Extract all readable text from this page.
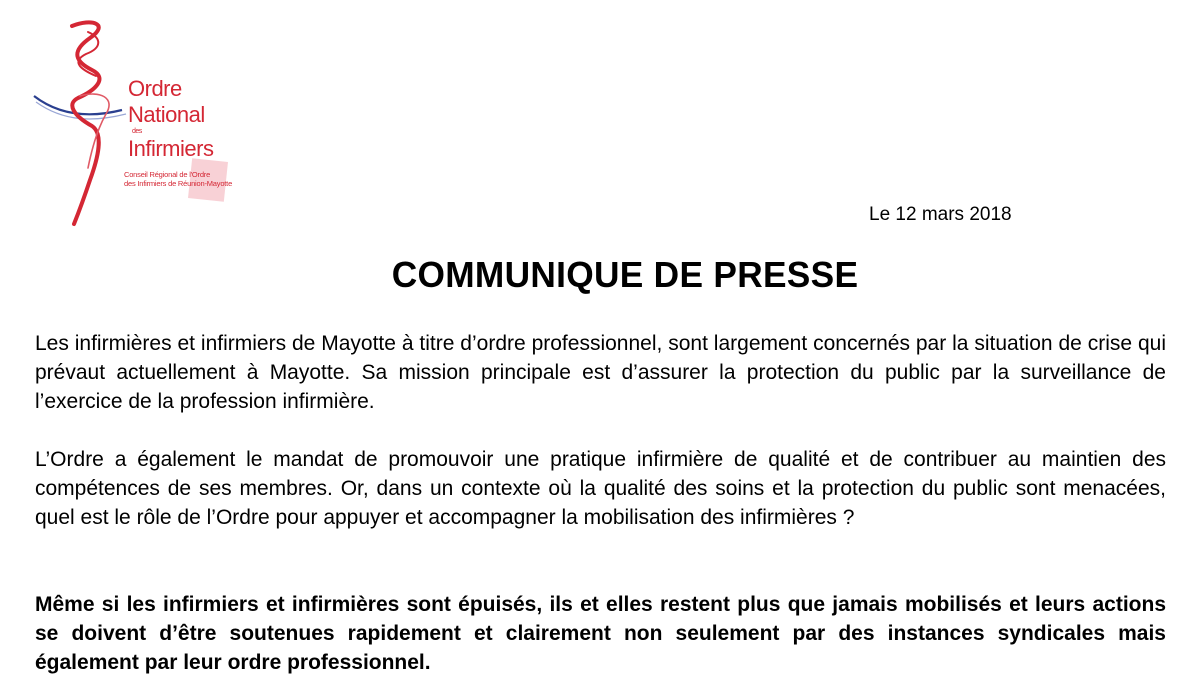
Ordre
National
des
Infirmiers
Conseil Régional de l'Ordre
des Infirmiers de Réunion-Mayotte
Le 12 mars 2018
COMMUNIQUE DE PRESSE

Les infirmières et infirmiers de Mayotte à titre d’ordre professionnel, sont largement concernés par la situation de crise qui prévaut actuellement à Mayotte. Sa mission principale est d’assurer la protection du public par la surveillance de l’exercice de la profession infirmière.

L’Ordre a également le mandat de promouvoir une pratique infirmière de qualité et de contribuer au maintien des compétences de ses membres. Or, dans un contexte où la qualité des soins et la protection du public sont menacées, quel est le rôle de l’Ordre pour appuyer et accompagner la mobilisation des infirmières ?

Même si les infirmiers et infirmières sont épuisés, ils et elles restent plus que jamais mobilisés et leurs actions se doivent d’être soutenues rapidement et clairement non seulement par des instances syndicales mais également par leur ordre professionnel.
